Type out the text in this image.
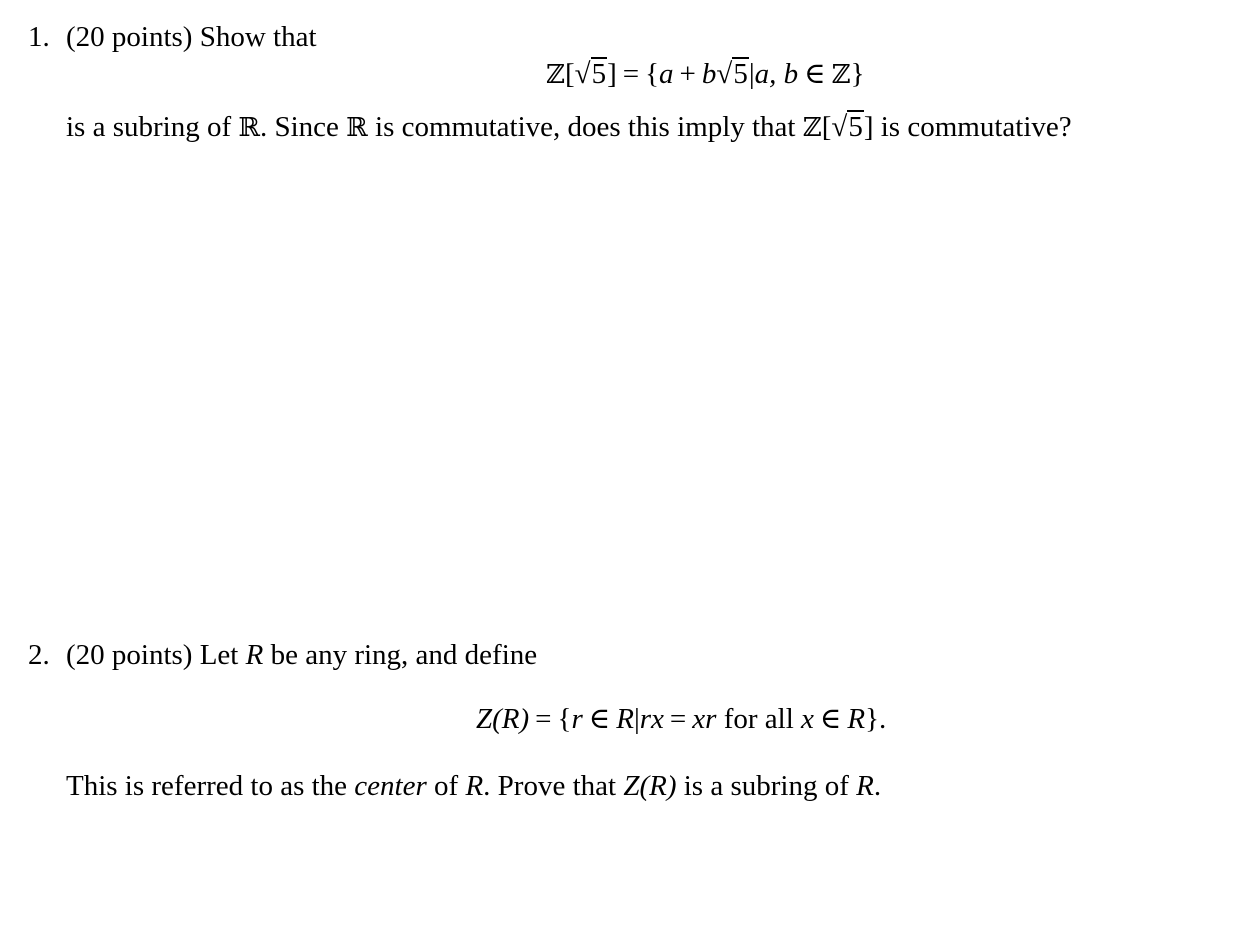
1. (20 points) Show that
ℤ[√5] = {a + b√5|a, b ∈ ℤ}
is a subring of ℝ. Since ℝ is commutative, does this imply that ℤ[√5] is commutative?
2. (20 points) Let R be any ring, and define
Z(R) = {r ∈ R|rx = xr for all x ∈ R}.
This is referred to as the center of R. Prove that Z(R) is a subring of R.
